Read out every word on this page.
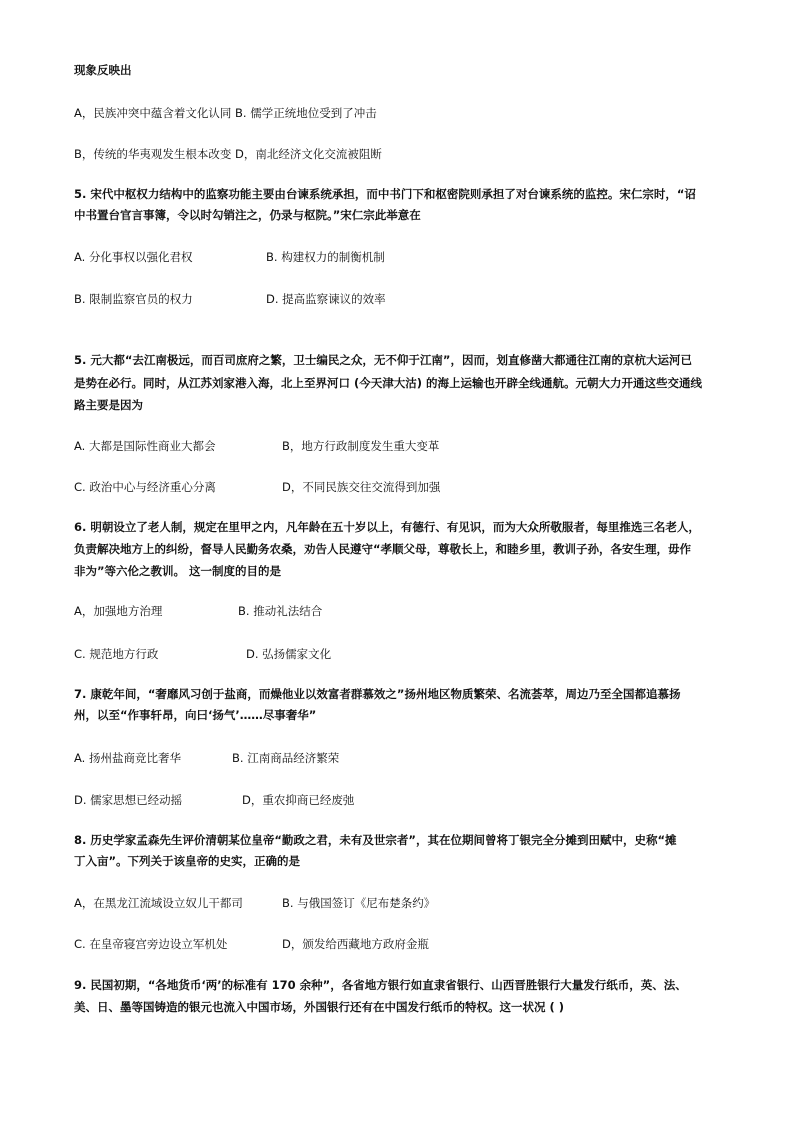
现象反映出
A，民族冲突中蕴含着文化认同 B. 儒学正统地位受到了冲击
B，传统的华夷观发生根本改变 D，南北经济文化交流被阻断
5. 宋代中枢权力结构中的监察功能主要由台谏系统承担，而中书门下和枢密院则承担了对台谏系统的监控。宋仁宗时，“诏
中书置台官言事簿，令以时勾销注之，仍录与枢院。”宋仁宗此举意在
A. 分化事权以强化君权	B. 构建权力的制衡机制
B. 限制监察官员的权力	D. 提高监察谏议的效率
5. 元大都“去江南极远，而百司庶府之繁，卫士编民之众，无不仰于江南”，因而，划直修凿大都通往江南的京杭大运河已
是势在必行。同时，从江苏刘家港入海，北上至界河口 (今天津大沽) 的海上运输也开辟全线通航。元朝大力开通这些交通线
路主要是因为
A. 大都是国际性商业大都会	B，地方行政制度发生重大变革
C. 政治中心与经济重心分离	D，不同民族交往交流得到加强
6. 明朝设立了老人制，规定在里甲之内，凡年龄在五十岁以上，有德行、有见识，而为大众所敬服者，每里推选三名老人，
负责解决地方上的纠纷，督导人民勤务农桑，劝告人民遵守“孝顺父母，尊敬长上，和睦乡里，教训子孙，各安生理，毋作
非为”等六伦之教训。 这一制度的目的是
A，加强地方治理	B. 推动礼法结合
C. 规范地方行政	D. 弘扬儒家文化
7. 康乾年间，“奢靡风习创于盐商，而燥他业以效富者群慕效之”扬州地区物质繁荣、名流荟萃，周边乃至全国都追慕扬
州，以至“作事轩昂，向曰‘扬气’……尽事奢华”
A. 扬州盐商竞比奢华	B. 江南商品经济繁荣
D. 儒家思想已经动摇	D，重农抑商已经废弛
8. 历史学家孟森先生评价清朝某位皇帝“勤政之君，未有及世宗者”，其在位期间曾将丁银完全分摊到田赋中，史称“摊
丁入亩”。下列关于该皇帝的史实，正确的是
A，在黑龙江流域设立奴儿干都司	B. 与俄国签订《尼布楚条约》
C. 在皇帝寝宫旁边设立军机处	D，颁发给西藏地方政府金瓶
9. 民国初期，“各地货币‘两’的标准有 170 余种”，各省地方银行如直隶省银行、山西晋胜银行大量发行纸币，英、法、
美、日、墨等国铸造的银元也流入中国市场，外国银行还有在中国发行纸币的特权。这一状况 ( )
